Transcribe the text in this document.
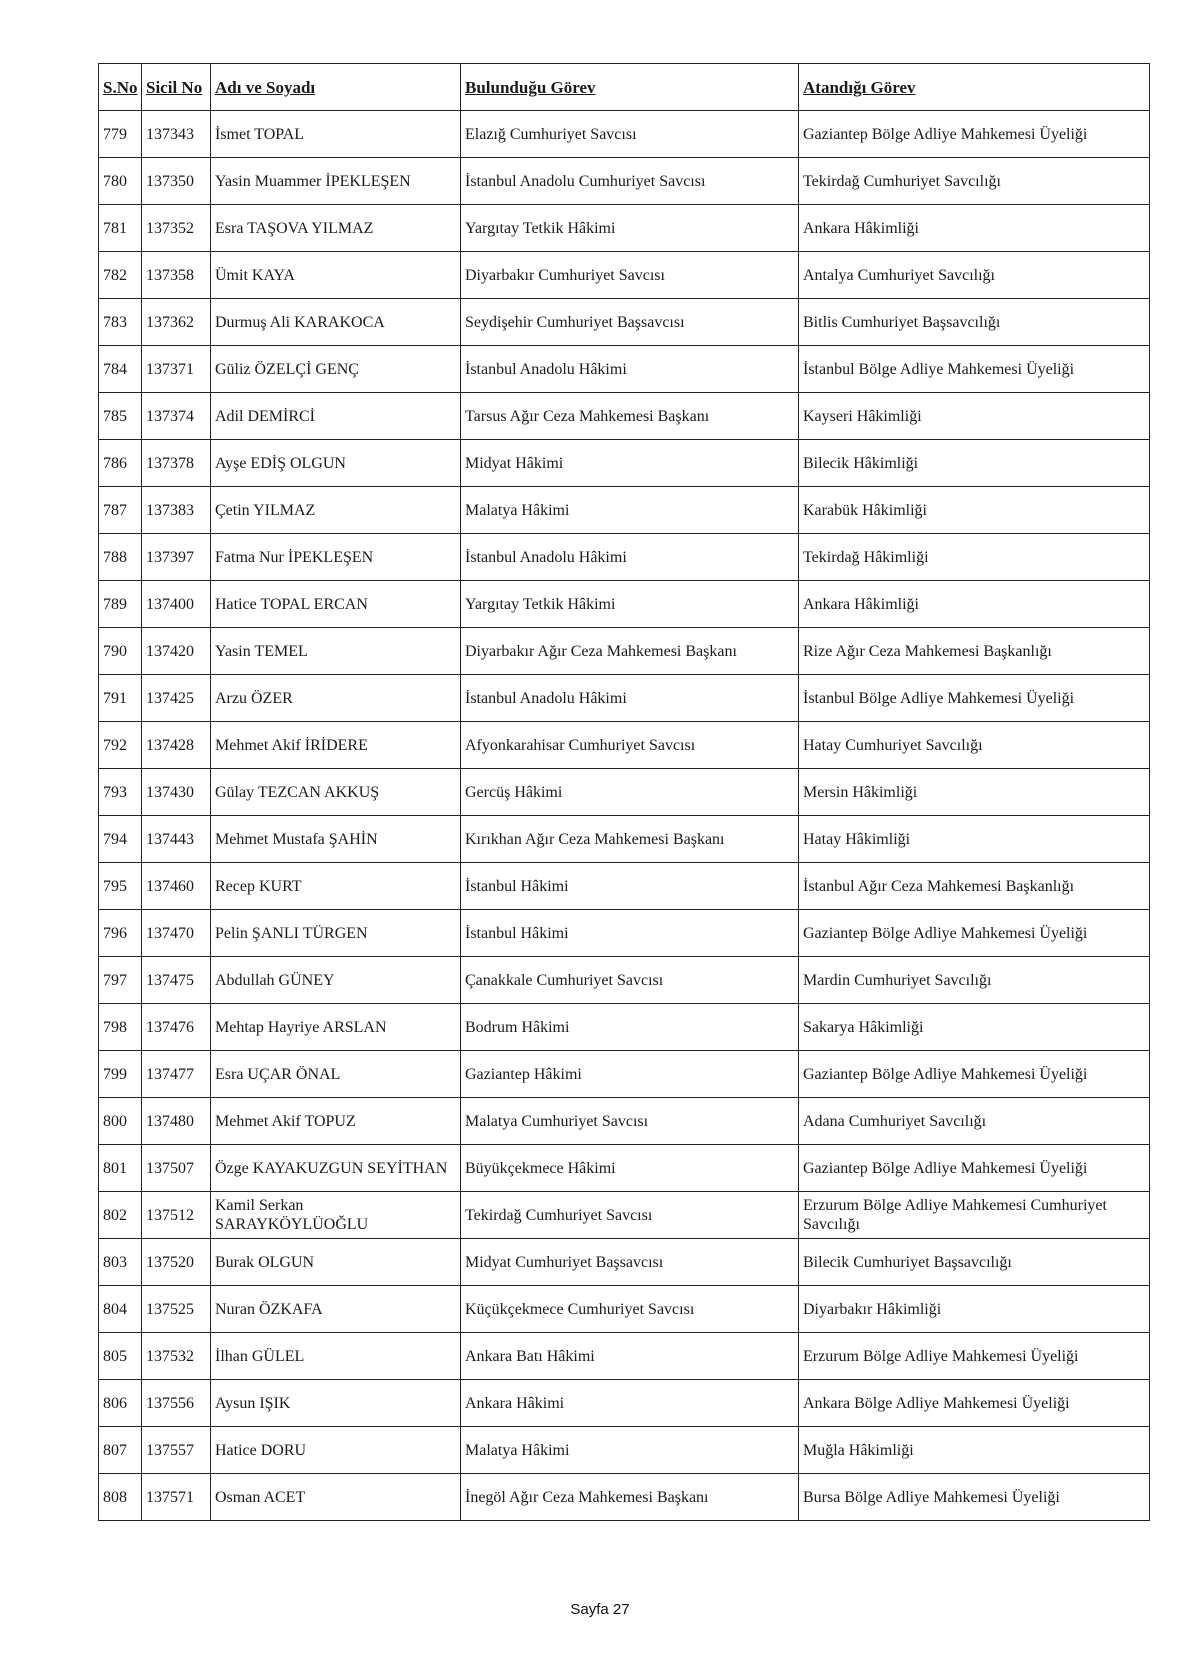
S.No	Sicil No	Adı ve Soyadı	Bulunduğu Görev	Atandığı Görev
779	137343	İsmet TOPAL	Elazığ Cumhuriyet Savcısı	Gaziantep Bölge Adliye Mahkemesi Üyeliği
780	137350	Yasin Muammer İPEKLEŞEN	İstanbul Anadolu Cumhuriyet Savcısı	Tekirdağ Cumhuriyet Savcılığı
781	137352	Esra TAŞOVA YILMAZ	Yargıtay Tetkik Hâkimi	Ankara Hâkimliği
782	137358	Ümit KAYA	Diyarbakır Cumhuriyet Savcısı	Antalya Cumhuriyet Savcılığı
783	137362	Durmuş Ali KARAKOCA	Seydişehir Cumhuriyet Başsavcısı	Bitlis Cumhuriyet Başsavcılığı
784	137371	Güliz ÖZELÇİ GENÇ	İstanbul Anadolu Hâkimi	İstanbul Bölge Adliye Mahkemesi Üyeliği
785	137374	Adil DEMİRCİ	Tarsus Ağır Ceza Mahkemesi Başkanı	Kayseri Hâkimliği
786	137378	Ayşe EDİŞ OLGUN	Midyat Hâkimi	Bilecik Hâkimliği
787	137383	Çetin YILMAZ	Malatya Hâkimi	Karabük Hâkimliği
788	137397	Fatma Nur İPEKLEŞEN	İstanbul Anadolu Hâkimi	Tekirdağ Hâkimliği
789	137400	Hatice TOPAL ERCAN	Yargıtay Tetkik Hâkimi	Ankara Hâkimliği
790	137420	Yasin TEMEL	Diyarbakır Ağır Ceza Mahkemesi Başkanı	Rize Ağır Ceza Mahkemesi Başkanlığı
791	137425	Arzu ÖZER	İstanbul Anadolu Hâkimi	İstanbul Bölge Adliye Mahkemesi Üyeliği
792	137428	Mehmet Akif İRİDERE	Afyonkarahisar Cumhuriyet Savcısı	Hatay Cumhuriyet Savcılığı
793	137430	Gülay TEZCAN AKKUŞ	Gercüş Hâkimi	Mersin Hâkimliği
794	137443	Mehmet Mustafa ŞAHİN	Kırıkhan Ağır Ceza Mahkemesi Başkanı	Hatay Hâkimliği
795	137460	Recep KURT	İstanbul Hâkimi	İstanbul Ağır Ceza Mahkemesi Başkanlığı
796	137470	Pelin ŞANLI TÜRGEN	İstanbul Hâkimi	Gaziantep Bölge Adliye Mahkemesi Üyeliği
797	137475	Abdullah GÜNEY	Çanakkale Cumhuriyet Savcısı	Mardin Cumhuriyet Savcılığı
798	137476	Mehtap Hayriye ARSLAN	Bodrum Hâkimi	Sakarya Hâkimliği
799	137477	Esra UÇAR ÖNAL	Gaziantep Hâkimi	Gaziantep Bölge Adliye Mahkemesi Üyeliği
800	137480	Mehmet Akif TOPUZ	Malatya Cumhuriyet Savcısı	Adana Cumhuriyet Savcılığı
801	137507	Özge KAYAKUZGUN SEYİTHAN	Büyükçekmece Hâkimi	Gaziantep Bölge Adliye Mahkemesi Üyeliği
802	137512	Kamil Serkan SARAYKÖYLÜOĞLU	Tekirdağ Cumhuriyet Savcısı	Erzurum Bölge Adliye Mahkemesi Cumhuriyet Savcılığı
803	137520	Burak OLGUN	Midyat Cumhuriyet Başsavcısı	Bilecik Cumhuriyet Başsavcılığı
804	137525	Nuran ÖZKAFA	Küçükçekmece Cumhuriyet Savcısı	Diyarbakır Hâkimliği
805	137532	İlhan GÜLEL	Ankara Batı Hâkimi	Erzurum Bölge Adliye Mahkemesi Üyeliği
806	137556	Aysun IŞIK	Ankara Hâkimi	Ankara Bölge Adliye Mahkemesi Üyeliği
807	137557	Hatice DORU	Malatya Hâkimi	Muğla Hâkimliği
808	137571	Osman ACET	İnegöl Ağır Ceza Mahkemesi Başkanı	Bursa Bölge Adliye Mahkemesi Üyeliği
Sayfa 27
